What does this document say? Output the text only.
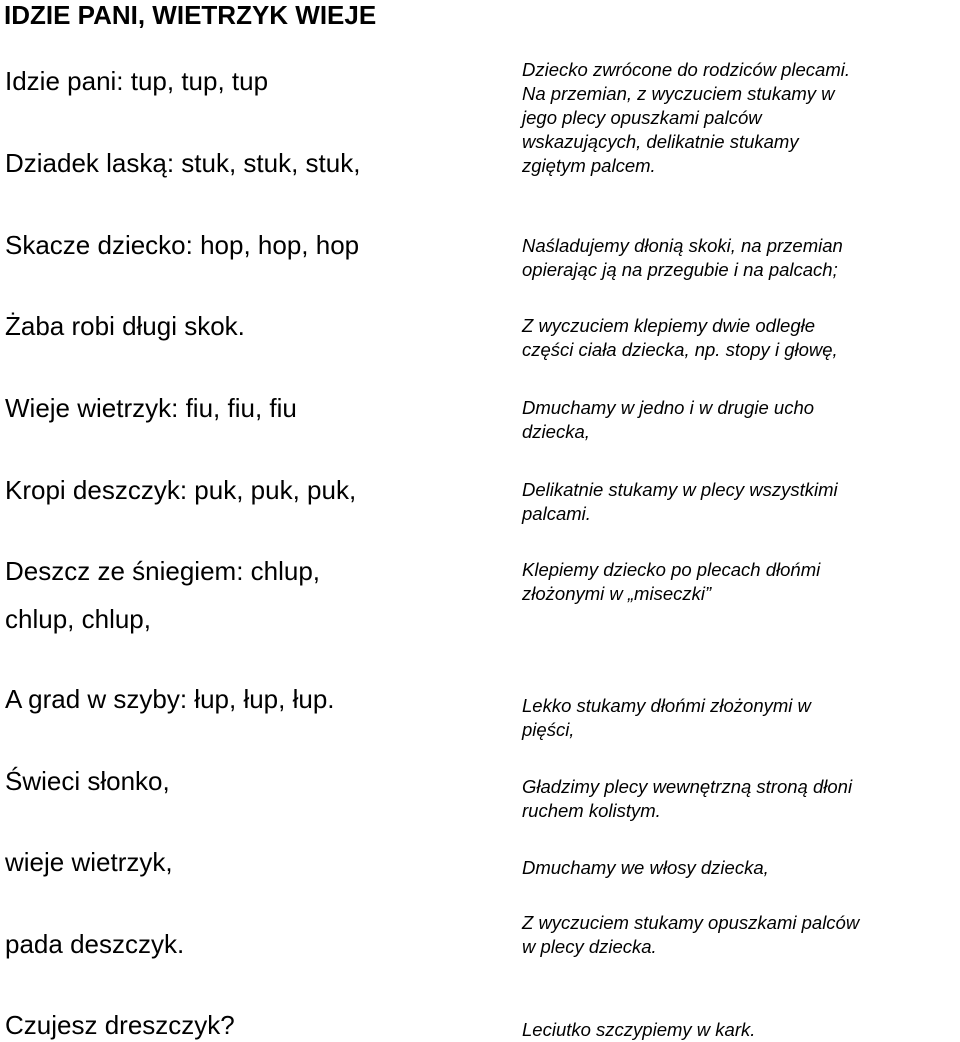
IDZIE PANI, WIETRZYK WIEJE
Idzie pani: tup, tup, tup
Dziadek laską: stuk, stuk, stuk,
Skacze dziecko: hop, hop, hop
Żaba robi długi skok.
Wieje wietrzyk: fiu, fiu, fiu
Kropi deszczyk: puk, puk, puk,
Deszcz ze śniegiem: chlup,
chlup, chlup,
A grad w szyby: łup, łup, łup.
Świeci słonko,
wieje wietrzyk,
pada deszczyk.
Czujesz dreszczyk?
Dziecko zwrócone do rodziców plecami.
Na przemian, z wyczuciem stukamy w
jego plecy opuszkami palców
wskazujących, delikatnie stukamy
zgiętym palcem.
Naśladujemy dłonią skoki, na przemian
opierając ją na przegubie i na palcach;
Z wyczuciem klepiemy dwie odległe
części ciała dziecka, np. stopy i głowę,
Dmuchamy w jedno i w drugie ucho
dziecka,
Delikatnie stukamy w plecy wszystkimi
palcami.
Klepiemy dziecko po plecach dłońmi
złożonymi w „miseczki”
Lekko stukamy dłońmi złożonymi w
pięści,
Gładzimy plecy wewnętrzną stroną dłoni
ruchem kolistym.
Dmuchamy we włosy dziecka,
Z wyczuciem stukamy opuszkami palców
w plecy dziecka.
Leciutko szczypiemy w kark.
